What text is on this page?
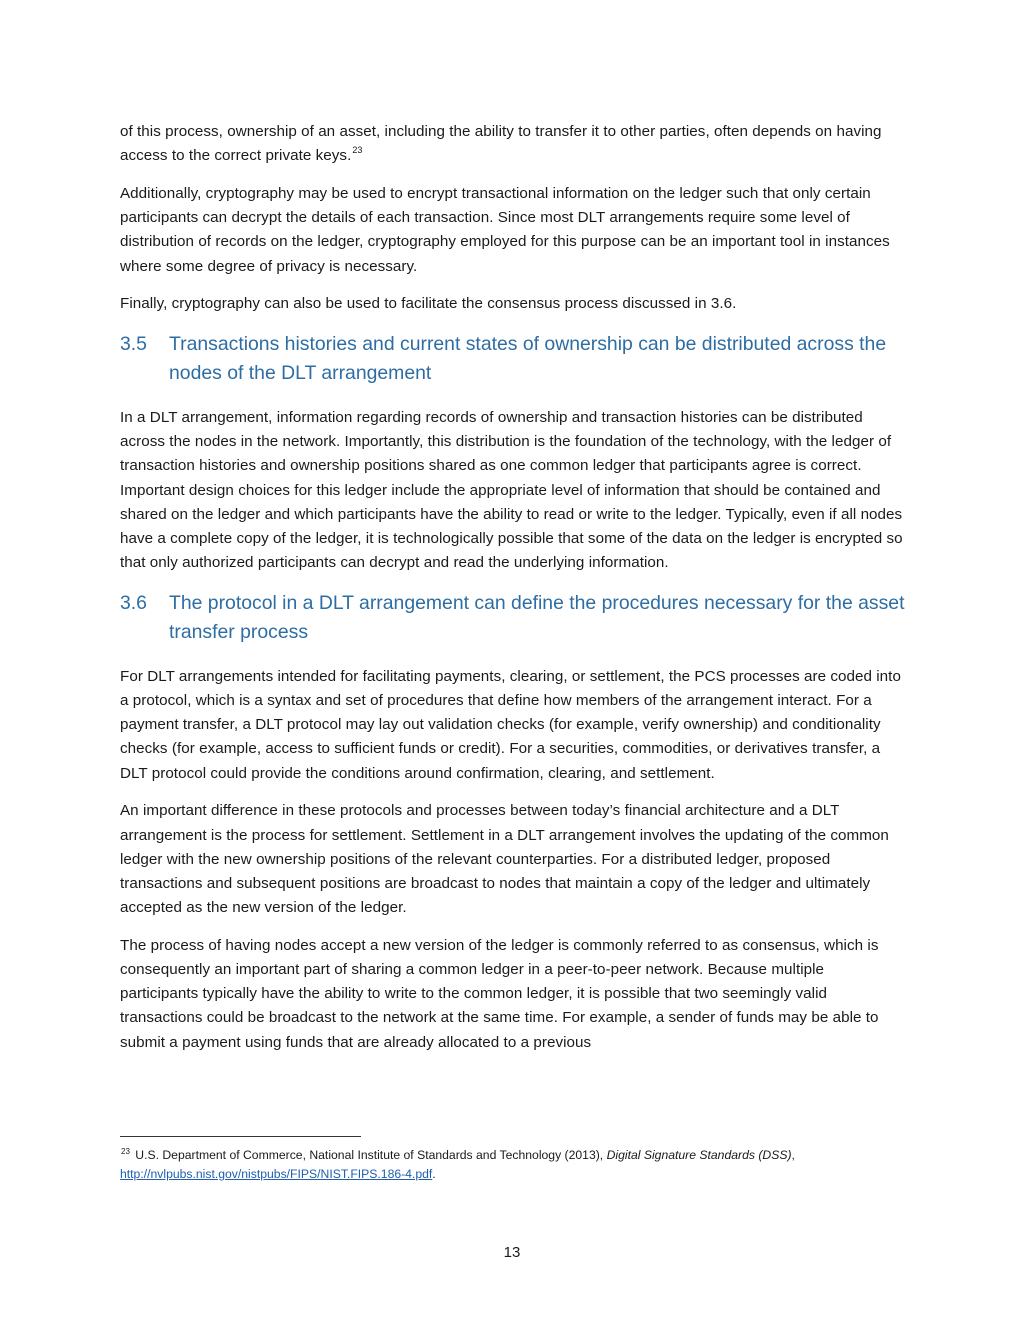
of this process, ownership of an asset, including the ability to transfer it to other parties, often depends on having access to the correct private keys.$^{23}$

Additionally, cryptography may be used to encrypt transactional information on the ledger such that only certain participants can decrypt the details of each transaction. Since most DLT arrangements require some level of distribution of records on the ledger, cryptography employed for this purpose can be an important tool in instances where some degree of privacy is necessary.

Finally, cryptography can also be used to facilitate the consensus process discussed in 3.6.

3.5	Transactions histories and current states of ownership can be distributed across the nodes of the DLT arrangement

In a DLT arrangement, information regarding records of ownership and transaction histories can be distributed across the nodes in the network. Importantly, this distribution is the foundation of the technology, with the ledger of transaction histories and ownership positions shared as one common ledger that participants agree is correct. Important design choices for this ledger include the appropriate level of information that should be contained and shared on the ledger and which participants have the ability to read or write to the ledger. Typically, even if all nodes have a complete copy of the ledger, it is technologically possible that some of the data on the ledger is encrypted so that only authorized participants can decrypt and read the underlying information.

3.6	The protocol in a DLT arrangement can define the procedures necessary for the asset transfer process

For DLT arrangements intended for facilitating payments, clearing, or settlement, the PCS processes are coded into a protocol, which is a syntax and set of procedures that define how members of the arrangement interact. For a payment transfer, a DLT protocol may lay out validation checks (for example, verify ownership) and conditionality checks (for example, access to sufficient funds or credit). For a securities, commodities, or derivatives transfer, a DLT protocol could provide the conditions around confirmation, clearing, and settlement.

An important difference in these protocols and processes between today’s financial architecture and a DLT arrangement is the process for settlement. Settlement in a DLT arrangement involves the updating of the common ledger with the new ownership positions of the relevant counterparties. For a distributed ledger, proposed transactions and subsequent positions are broadcast to nodes that maintain a copy of the ledger and ultimately accepted as the new version of the ledger.

The process of having nodes accept a new version of the ledger is commonly referred to as consensus, which is consequently an important part of sharing a common ledger in a peer-to-peer network. Because multiple participants typically have the ability to write to the common ledger, it is possible that two seemingly valid transactions could be broadcast to the network at the same time. For example, a sender of funds may be able to submit a payment using funds that are already allocated to a previous

$^{23}$ U.S. Department of Commerce, National Institute of Standards and Technology (2013), Digital Signature Standards (DSS),
http://nvlpubs.nist.gov/nistpubs/FIPS/NIST.FIPS.186-4.pdf.
13
